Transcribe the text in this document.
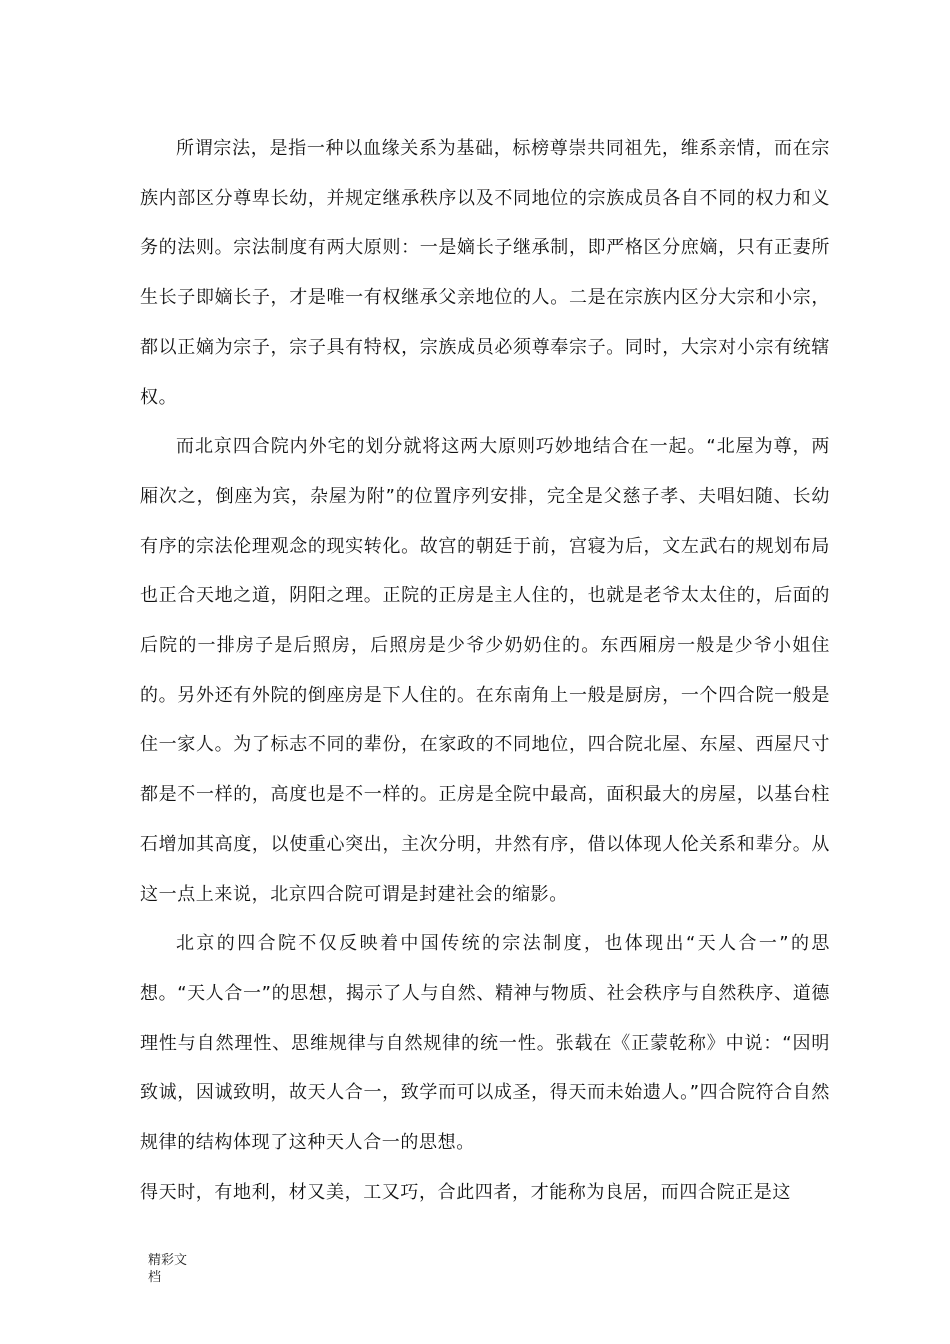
所谓宗法，是指一种以血缘关系为基础，标榜尊崇共同祖先，维系亲情，而在宗族内部区分尊卑长幼，并规定继承秩序以及不同地位的宗族成员各自不同的权力和义务的法则。宗法制度有两大原则：一是嫡长子继承制，即严格区分庶嫡，只有正妻所生长子即嫡长子，才是唯一有权继承父亲地位的人。二是在宗族内区分大宗和小宗，都以正嫡为宗子，宗子具有特权，宗族成员必须尊奉宗子。同时，大宗对小宗有统辖权。

而北京四合院内外宅的划分就将这两大原则巧妙地结合在一起。“北屋为尊，两厢次之，倒座为宾，杂屋为附”的位置序列安排，完全是父慈子孝、夫唱妇随、长幼有序的宗法伦理观念的现实转化。故宫的朝廷于前，宫寝为后，文左武右的规划布局也正合天地之道，阴阳之理。正院的正房是主人住的，也就是老爷太太住的，后面的后院的一排房子是后照房，后照房是少爷少奶奶住的。东西厢房一般是少爷小姐住的。另外还有外院的倒座房是下人住的。在东南角上一般是厨房，一个四合院一般是住一家人。为了标志不同的辈份，在家政的不同地位，四合院北屋、东屋、西屋尺寸都是不一样的，高度也是不一样的。正房是全院中最高，面积最大的房屋，以基台柱石增加其高度，以使重心突出，主次分明，井然有序，借以体现人伦关系和辈分。从这一点上来说，北京四合院可谓是封建社会的缩影。

北京的四合院不仅反映着中国传统的宗法制度，也体现出“天人合一”的思想。“天人合一”的思想，揭示了人与自然、精神与物质、社会秩序与自然秩序、道德理性与自然理性、思维规律与自然规律的统一性。张载在《正蒙乾称》中说：“因明致诚，因诚致明，故天人合一，致学而可以成圣，得天而未始遗人。”四合院符合自然规律的结构体现了这种天人合一的思想。

得天时，有地利，材又美，工又巧，合此四者，才能称为良居，而四合院正是这

精彩文
档
